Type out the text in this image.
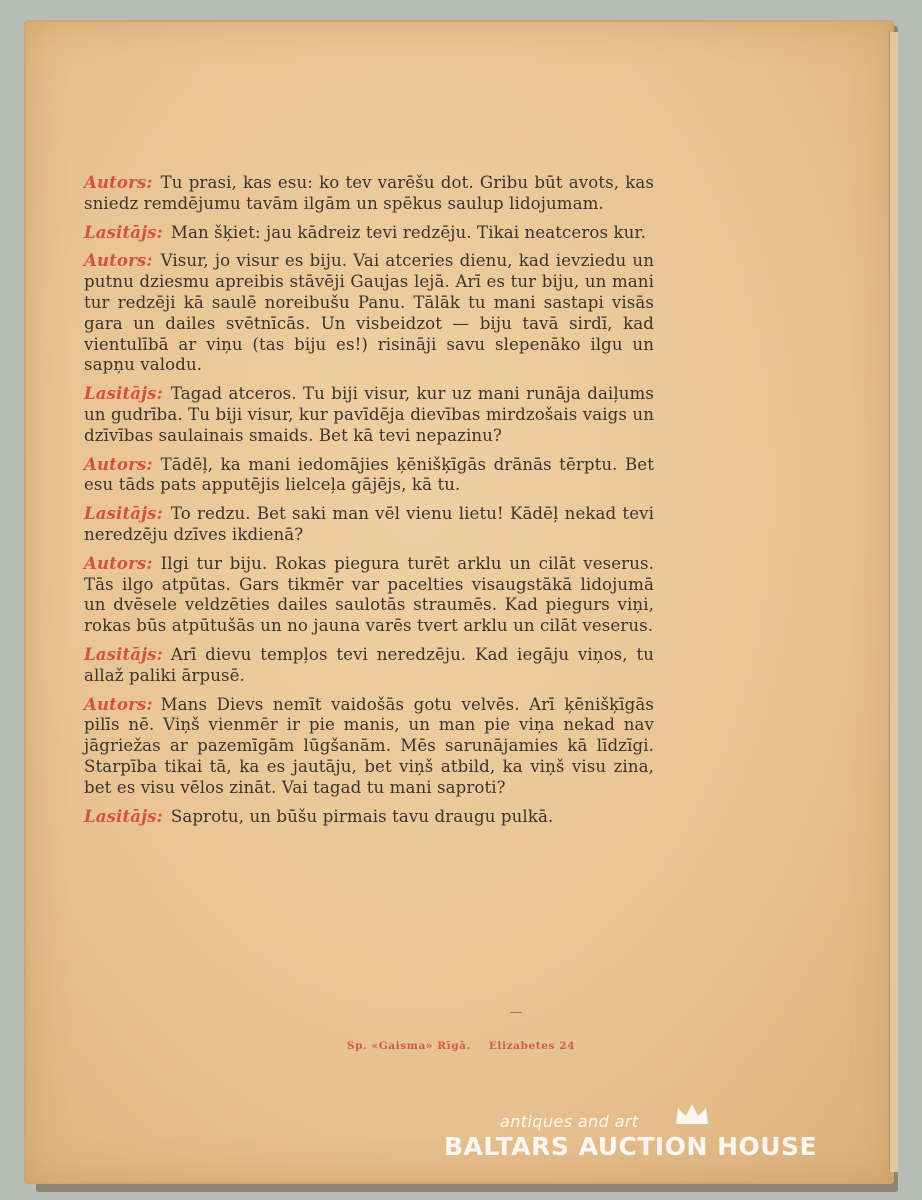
Autors: Tu prasi, kas esu: ko tev varēšu dot. Gribu būt avots, kas sniedz remdējumu tavām ilgām un spēkus saulup lidojumam.

Lasitājs: Man šķiet: jau kādreiz tevi redzēju. Tikai neatceros kur.

Autors: Visur, jo visur es biju. Vai atceries dienu, kad ievziedu un putnu dziesmu apreibis stāvēji Gaujas lejā. Arī es tur biju, un mani tur redzēji kā saulē noreibušu Panu. Tālāk tu mani sastapi visās gara un dailes svētnīcās. Un visbeidzot — biju tavā sirdī, kad vientulībā ar viņu (tas biju es!) risināji savu slepenāko ilgu un sapņu valodu.

Lasitājs: Tagad atceros. Tu biji visur, kur uz mani runāja daiļums un gudrība. Tu biji visur, kur pavīdēja dievības mirdzošais vaigs un dzīvības saulainais smaids. Bet kā tevi nepazinu?

Autors: Tādēļ, ka mani iedomājies ķēnišķīgās drānās tērptu. Bet esu tāds pats apputējis lielceļa gājējs, kā tu.

Lasitājs: To redzu. Bet saki man vēl vienu lietu! Kādēļ nekad tevi neredzēju dzīves ikdienā?

Autors: Ilgi tur biju. Rokas piegura turēt arklu un cilāt veserus. Tās ilgo atpūtas. Gars tikmēr var pacelties visaugstākā lidojumā un dvēsele veldzēties dailes saulotās straumēs. Kad piegurs viņi, rokas būs atpūtušās un no jauna varēs tvert arklu un cilāt veserus.

Lasitājs: Arī dievu tempļos tevi neredzēju. Kad iegāju viņos, tu allaž paliki ārpusē.

Autors: Mans Dievs nemīt vaidošās gotu velvēs. Arī ķēnišķīgās pilīs nē. Viņš vienmēr ir pie manis, un man pie viņa nekad nav jāgriežas ar pazemīgām lūgšanām. Mēs sarunājamies kā līdzīgi. Starpība tikai tā, ka es jautāju, bet viņš atbild, ka viņš visu zina, bet es visu vēlos zināt. Vai tagad tu mani saproti?

Lasitājs: Saprotu, un būšu pirmais tavu draugu pulkā.

Sp. «Gaisma» Rīgā. Elizabetes 24
antiques and art
BALTARS AUCTION HOUSE
